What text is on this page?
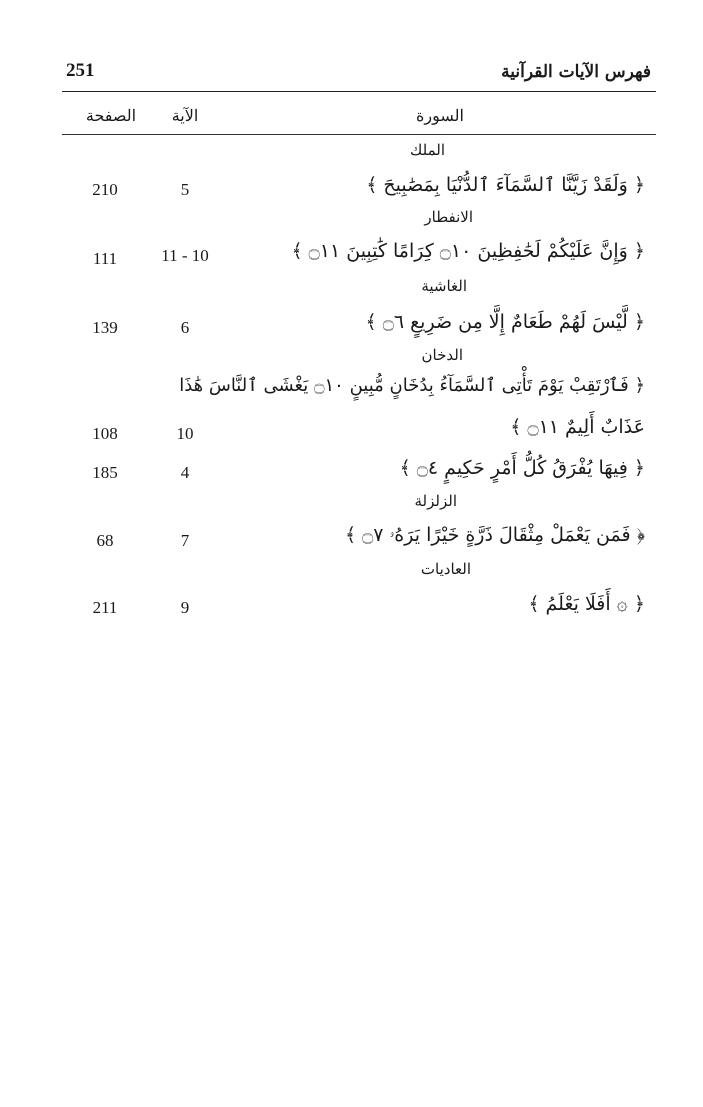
251	فهرس الآيات القرآنية
السورة
الآية
الصفحة
الملك
﴿ وَلَقَدْ زَيَّنَّا ٱلسَّمَآءَ ٱلدُّنْيَا بِمَصَٰبِيحَ ﴾
5
210
الانفطار
﴿ وَإِنَّ عَلَيْكُمْ لَحَٰفِظِينَ ۝١٠ كِرَامًا كَٰتِبِينَ ۝١١ ﴾
11 - 10
111
الغاشية
﴿ لَّيْسَ لَهُمْ طَعَامٌ إِلَّا مِن ضَرِيعٍ ۝٦ ﴾
6
139
الدخان
﴿ فَٱرْتَقِبْ يَوْمَ تَأْتِى ٱلسَّمَآءُ بِدُخَانٍ مُّبِينٍ ۝١٠ يَغْشَى ٱلنَّاسَ هَٰذَا
عَذَابٌ أَلِيمٌ ۝١١ ﴾
10
108
﴿ فِيهَا يُفْرَقُ كُلُّ أَمْرٍ حَكِيمٍ ۝٤ ﴾
4
185
الزلزلة
﴿ فَمَن يَعْمَلْ مِثْقَالَ ذَرَّةٍ خَيْرًا يَرَهُۥ ۝٧ ﴾
7
68
العاديات
﴿ ۞ أَفَلَا يَعْلَمُ ﴾
9
211
